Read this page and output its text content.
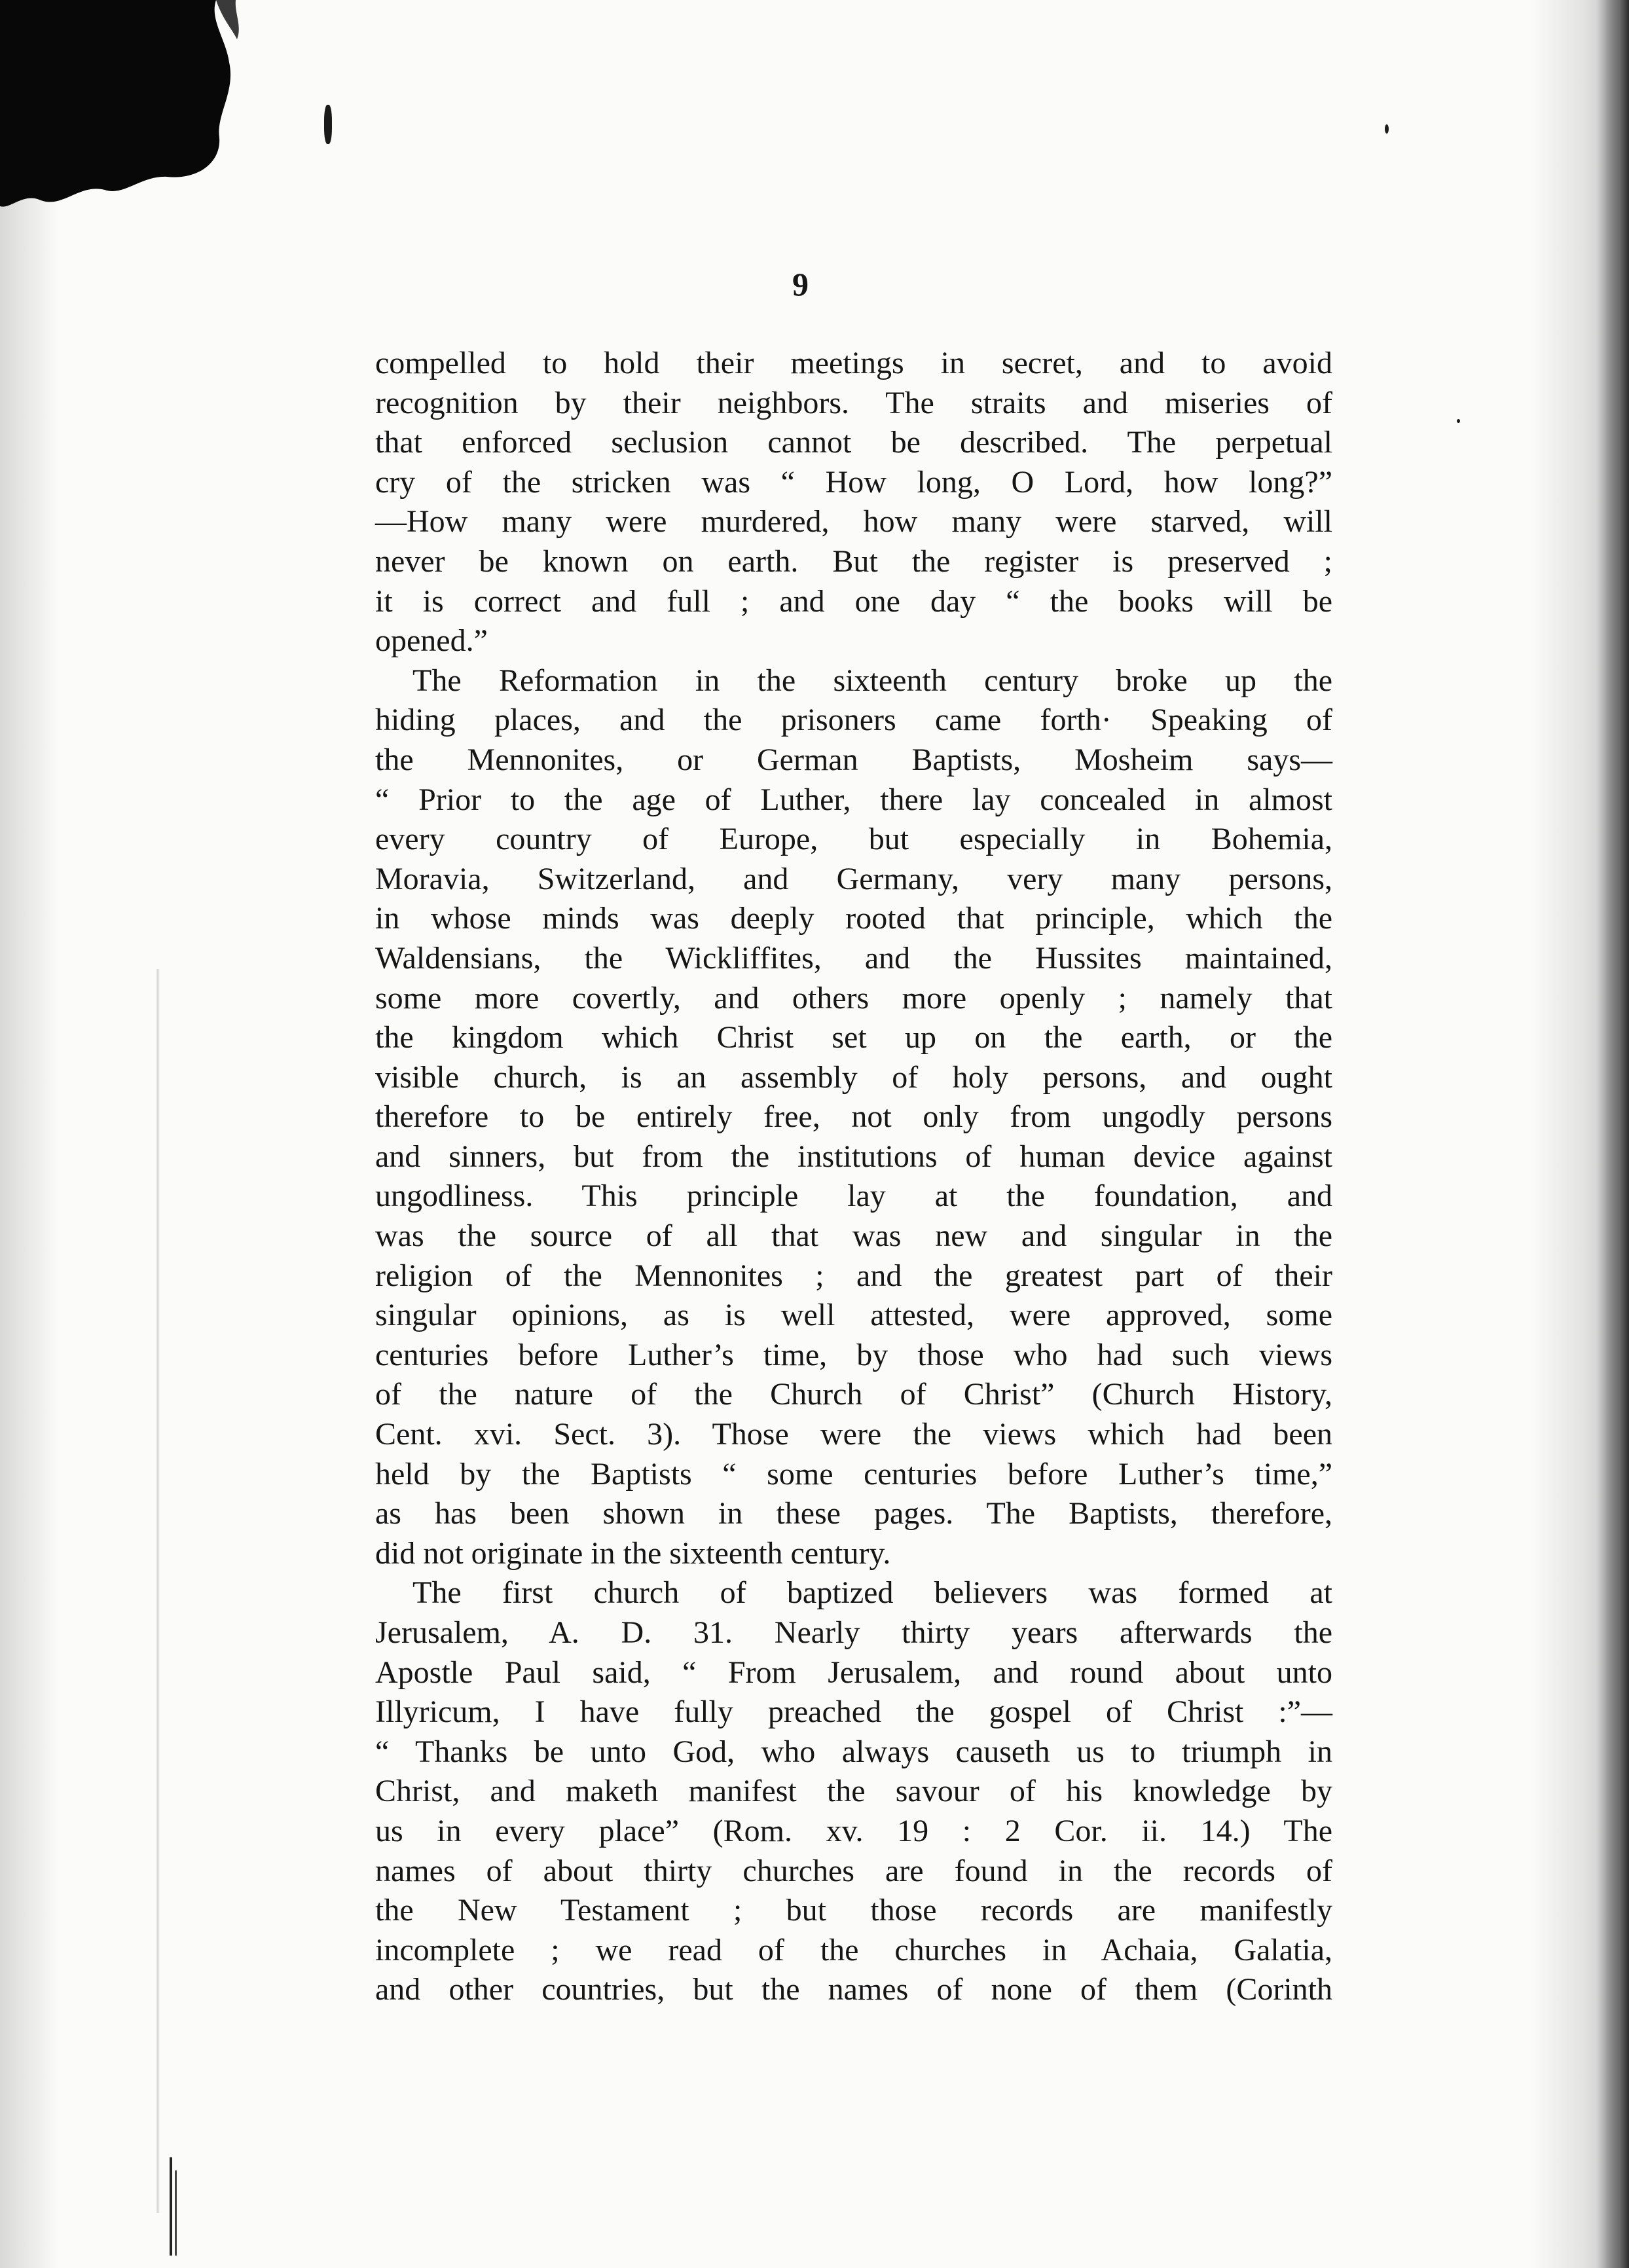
9
compelled to hold their meetings in secret, and to avoid
recognition by their neighbors. The straits and miseries of
that enforced seclusion cannot be described. The perpetual
cry of the stricken was “ How long, O Lord, how long?”
—How many were murdered, how many were starved, will
never be known on earth. But the register is preserved ;
it is correct and full ; and one day “ the books will be
opened.”
The Reformation in the sixteenth century broke up the
hiding places, and the prisoners came forth· Speaking of
the Mennonites, or German Baptists, Mosheim says—
“ Prior to the age of Luther, there lay concealed in almost
every country of Europe, but especially in Bohemia,
Moravia, Switzerland, and Germany, very many persons,
in whose minds was deeply rooted that principle, which the
Waldensians, the Wickliffites, and the Hussites maintained,
some more covertly, and others more openly ; namely that
the kingdom which Christ set up on the earth, or the
visible church, is an assembly of holy persons, and ought
therefore to be entirely free, not only from ungodly persons
and sinners, but from the institutions of human device against
ungodliness. This principle lay at the foundation, and
was the source of all that was new and singular in the
religion of the Mennonites ; and the greatest part of their
singular opinions, as is well attested, were approved, some
centuries before Luther’s time, by those who had such views
of the nature of the Church of Christ” (Church History,
Cent. xvi. Sect. 3). Those were the views which had been
held by the Baptists “ some centuries before Luther’s time,”
as has been shown in these pages. The Baptists, therefore,
did not originate in the sixteenth century.
The first church of baptized believers was formed at
Jerusalem, A. D. 31. Nearly thirty years afterwards the
Apostle Paul said, “ From Jerusalem, and round about unto
Illyricum, I have fully preached the gospel of Christ :”—
“ Thanks be unto God, who always causeth us to triumph in
Christ, and maketh manifest the savour of his knowledge by
us in every place” (Rom. xv. 19 : 2 Cor. ii. 14.) The
names of about thirty churches are found in the records of
the New Testament ; but those records are manifestly
incomplete ; we read of the churches in Achaia, Galatia,
and other countries, but the names of none of them (Corinth
